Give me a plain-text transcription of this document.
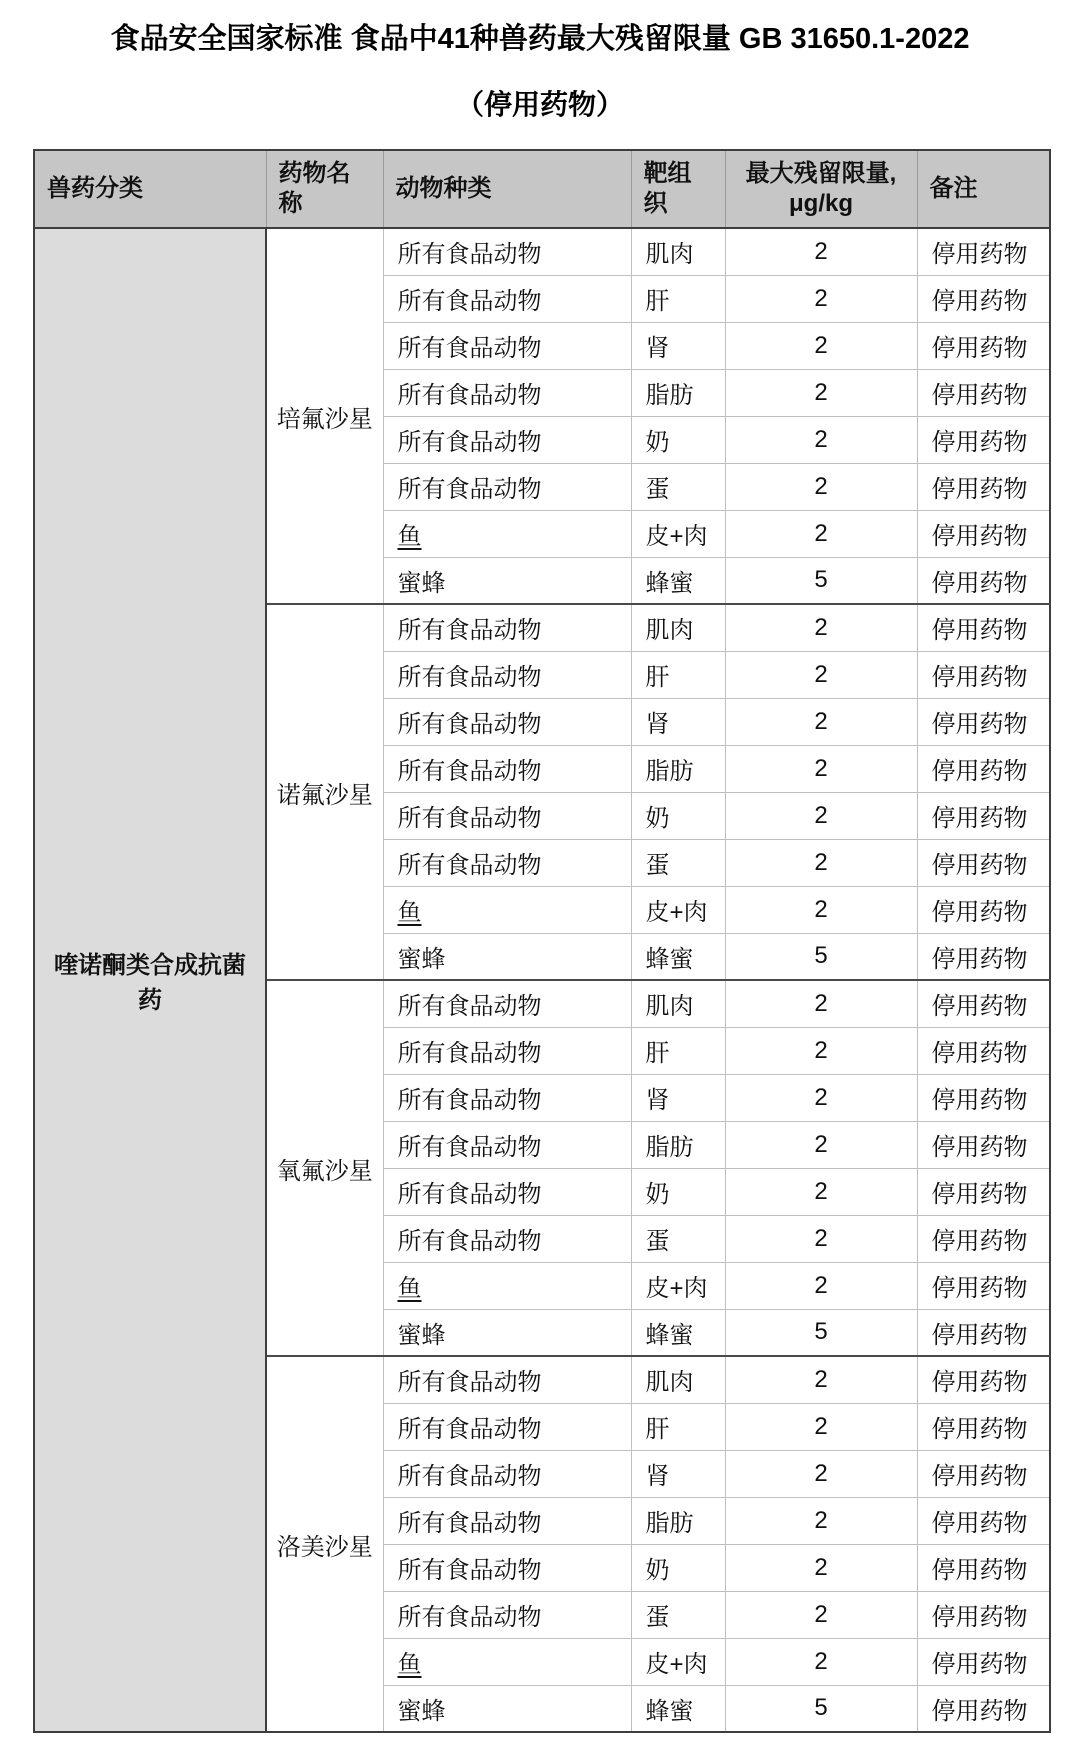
食品安全国家标准 食品中41种兽药最大残留限量 GB 31650.1-2022
（停用药物）
兽药分类	药物名称	动物种类	靶组织	最大残留限量,
μg/kg	备注
喹诺酮类合成抗菌药	培氟沙星	所有食品动物	肌肉	2	停用药物
		所有食品动物	肝	2	停用药物
		所有食品动物	肾	2	停用药物
		所有食品动物	脂肪	2	停用药物
		所有食品动物	奶	2	停用药物
		所有食品动物	蛋	2	停用药物
		鱼	皮+肉	2	停用药物
		蜜蜂	蜂蜜	5	停用药物
	诺氟沙星	所有食品动物	肌肉	2	停用药物
		所有食品动物	肝	2	停用药物
		所有食品动物	肾	2	停用药物
		所有食品动物	脂肪	2	停用药物
		所有食品动物	奶	2	停用药物
		所有食品动物	蛋	2	停用药物
		鱼	皮+肉	2	停用药物
		蜜蜂	蜂蜜	5	停用药物
	氧氟沙星	所有食品动物	肌肉	2	停用药物
		所有食品动物	肝	2	停用药物
		所有食品动物	肾	2	停用药物
		所有食品动物	脂肪	2	停用药物
		所有食品动物	奶	2	停用药物
		所有食品动物	蛋	2	停用药物
		鱼	皮+肉	2	停用药物
		蜜蜂	蜂蜜	5	停用药物
	洛美沙星	所有食品动物	肌肉	2	停用药物
		所有食品动物	肝	2	停用药物
		所有食品动物	肾	2	停用药物
		所有食品动物	脂肪	2	停用药物
		所有食品动物	奶	2	停用药物
		所有食品动物	蛋	2	停用药物
		鱼	皮+肉	2	停用药物
		蜜蜂	蜂蜜	5	停用药物
